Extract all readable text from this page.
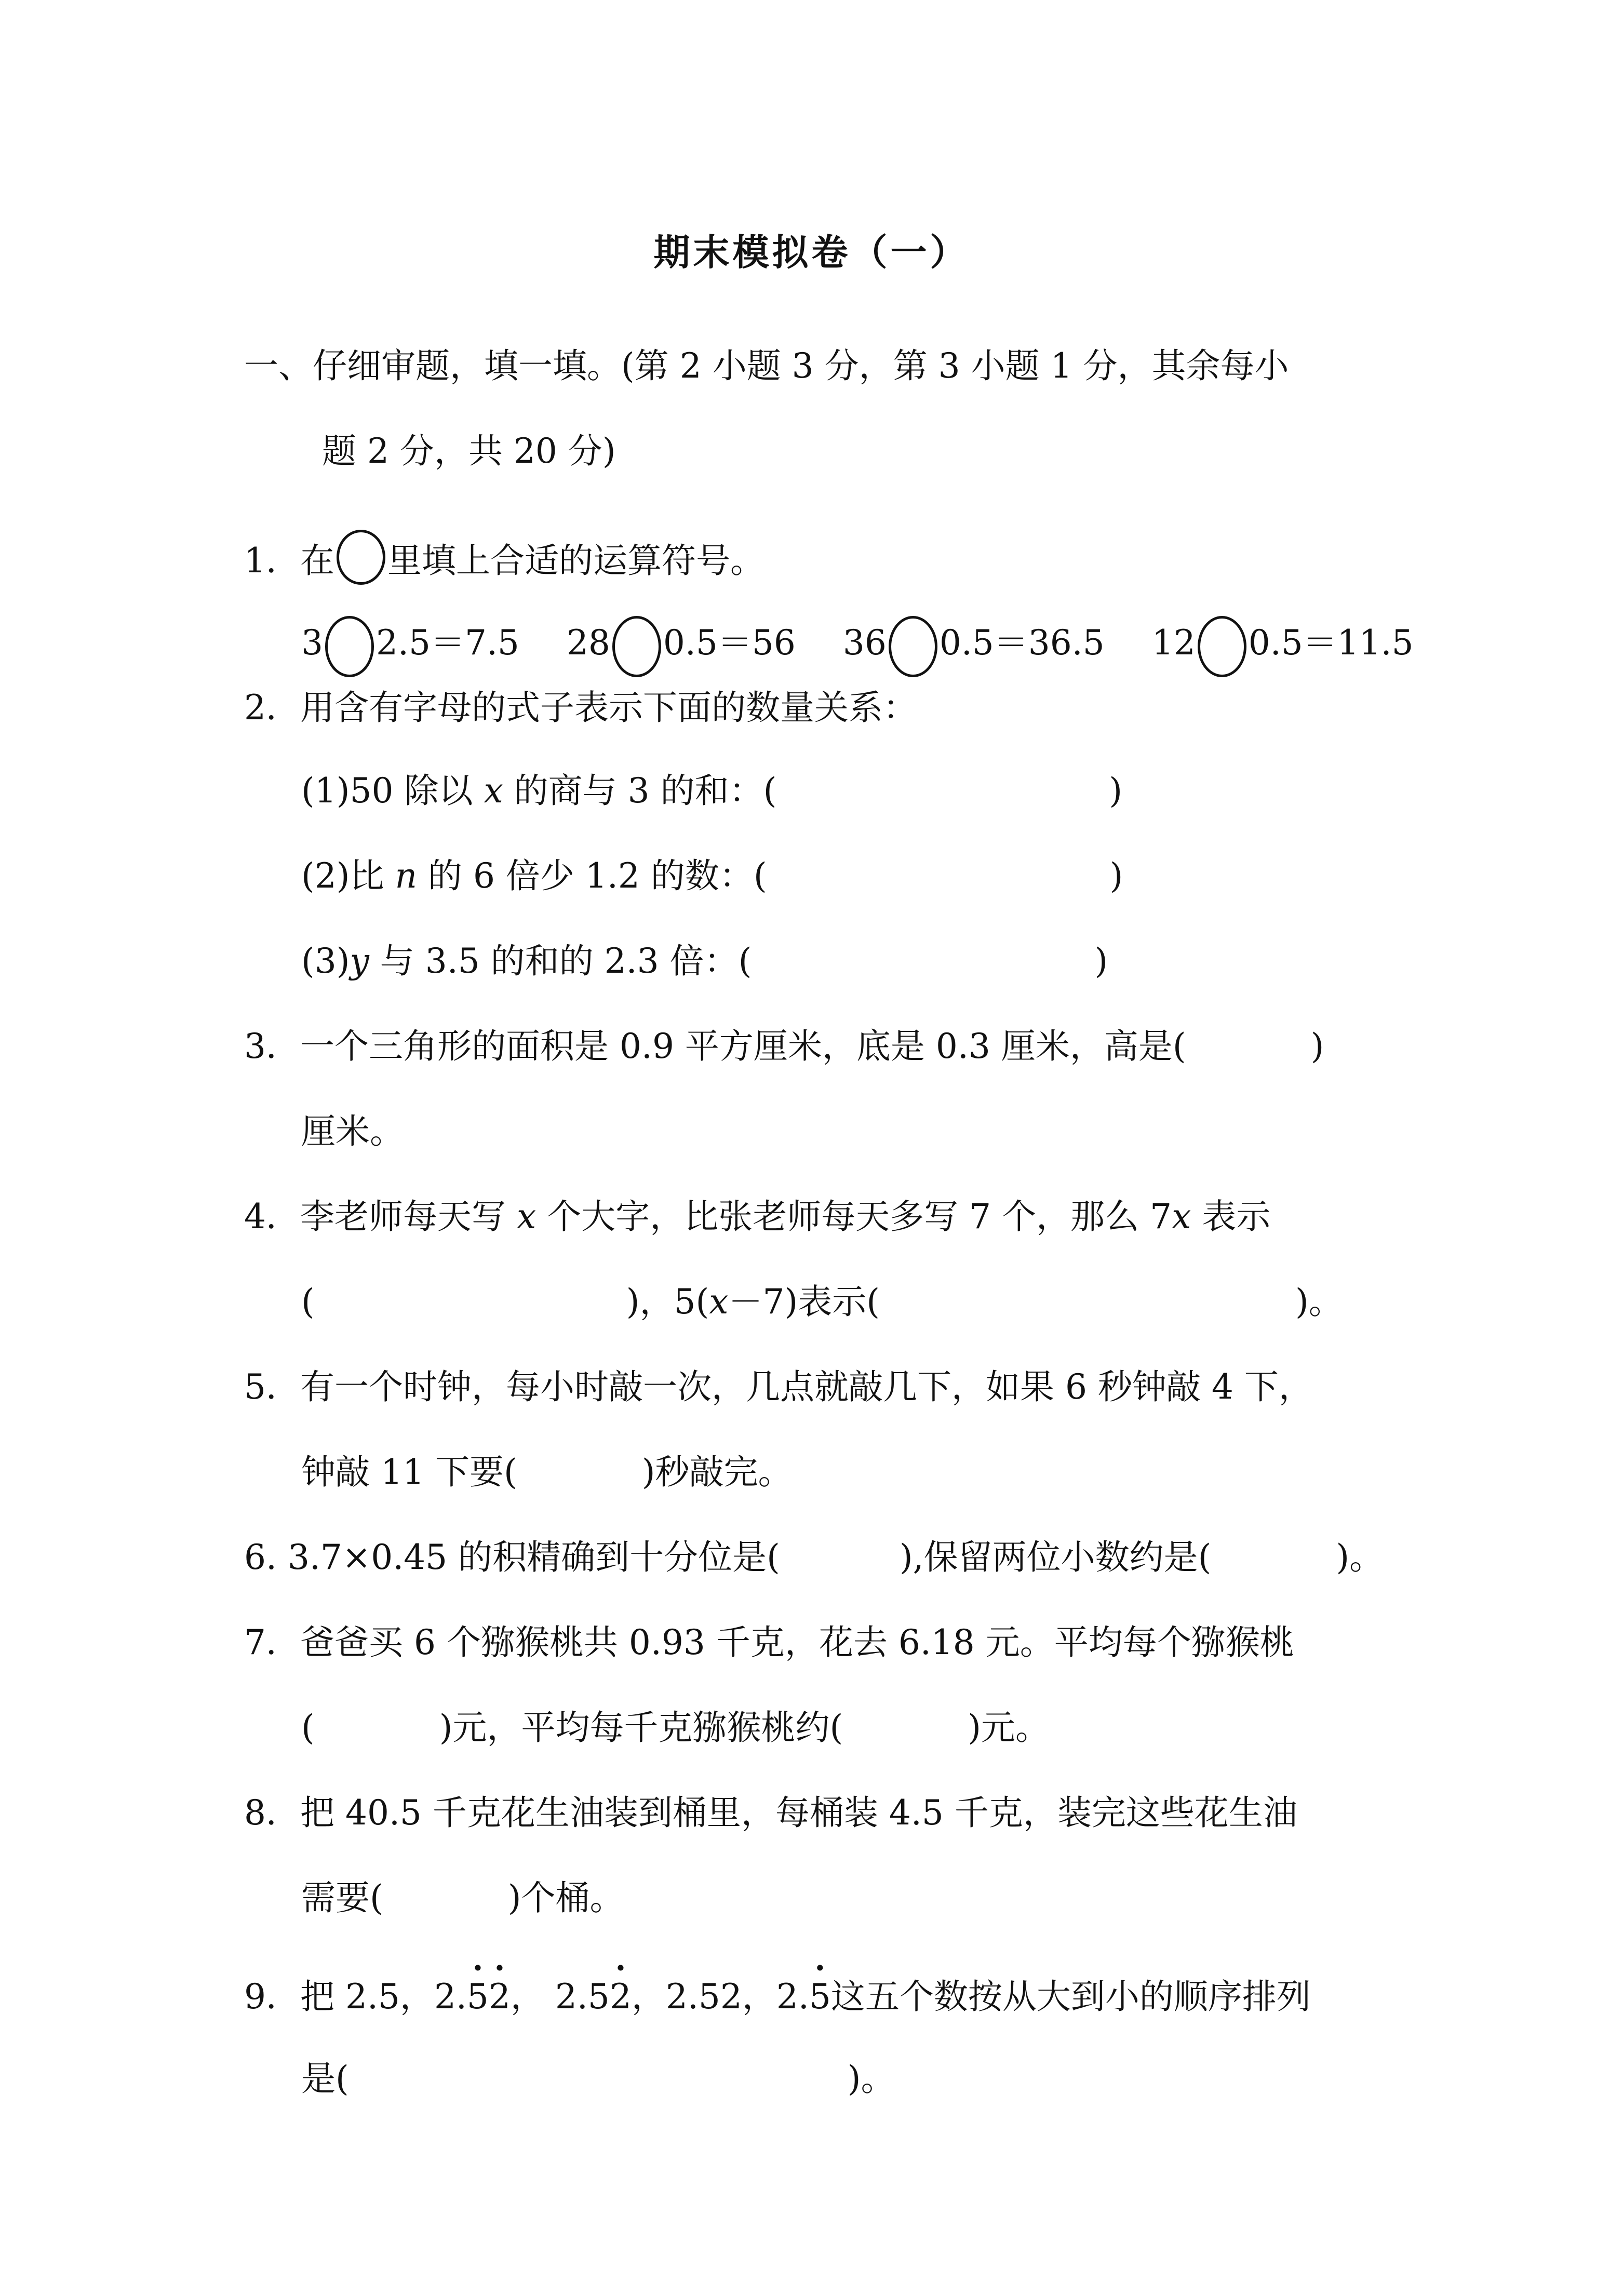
期末模拟卷（一）
一、仔细审题，填一填。(第 2 小题 3 分，第 3 小题 1 分，其余每小
题 2 分，共 20 分)
1．在 里填上合适的运算符号。
3 2.5＝7.5 28 0.5＝56 36 0.5＝36.5 12 0.5＝11.5
2．用含有字母的式子表示下面的数量关系：
(1)50 除以 x 的商与 3 的和：(	)
(2)比 n 的 6 倍少 1.2 的数：(	)
(3)y 与 3.5 的和的 2.3 倍：(	)
3．一个三角形的面积是 0.9 平方厘米，底是 0.3 厘米，高是(	)
厘米。
4．李老师每天写 x 个大字，比张老师每天多写 7 个，那么 7x 表示
(	)，5(x－7)表示(	)。
5．有一个时钟，每小时敲一次，几点就敲几下，如果 6 秒钟敲 4 下，
钟敲 11 下要(	)秒敲完。
6. 3.7×0.45 的积精确到十分位是(	),保留两位小数约是(	)。
7．爸爸买 6 个猕猴桃共 0.93 千克，花去 6.18 元。平均每个猕猴桃
(	)元，平均每千克猕猴桃约(	)元。
8．把 40.5 千克花生油装到桶里，每桶装 4.5 千克，装完这些花生油
需要(	)个桶。
9．把 2.5，2.· 5· 2， 2.5· 2，2.52，2.· 5这五个数按从大到小的顺序排列
是(	)。
